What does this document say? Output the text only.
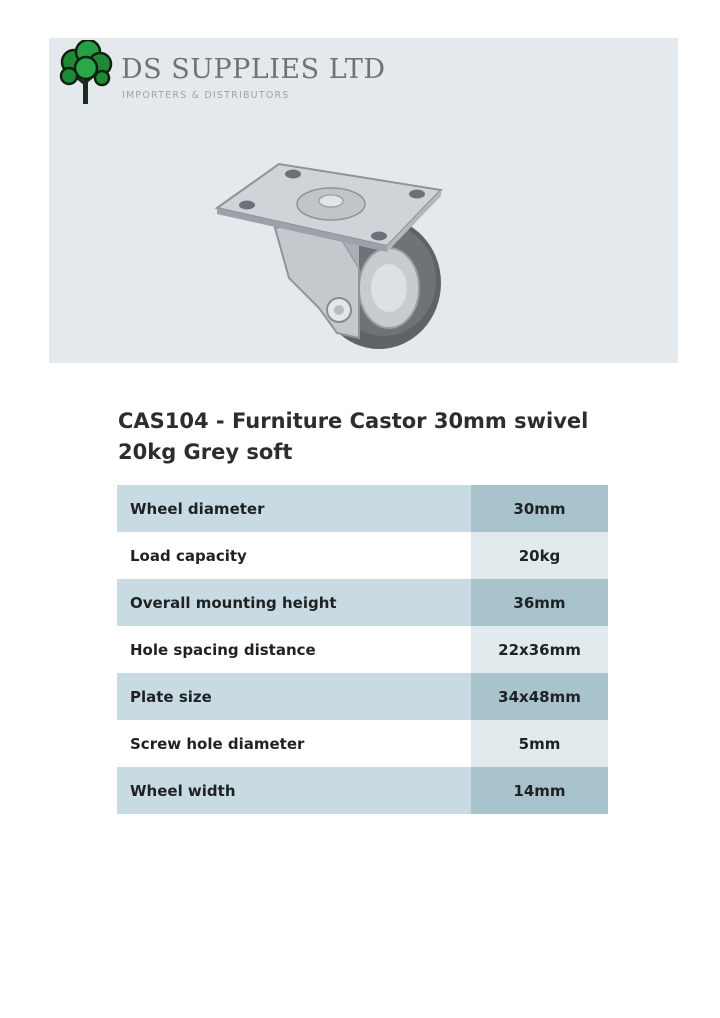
DS SUPPLIES LTD
IMPORTERS & DISTRIBUTORS
CAS104 - Furniture Castor 30mm swivel 20kg Grey soft
Wheel diameter	30mm
Load capacity	20kg
Overall mounting height	36mm
Hole spacing distance	22x36mm
Plate size	34x48mm
Screw hole diameter	5mm
Wheel width	14mm
